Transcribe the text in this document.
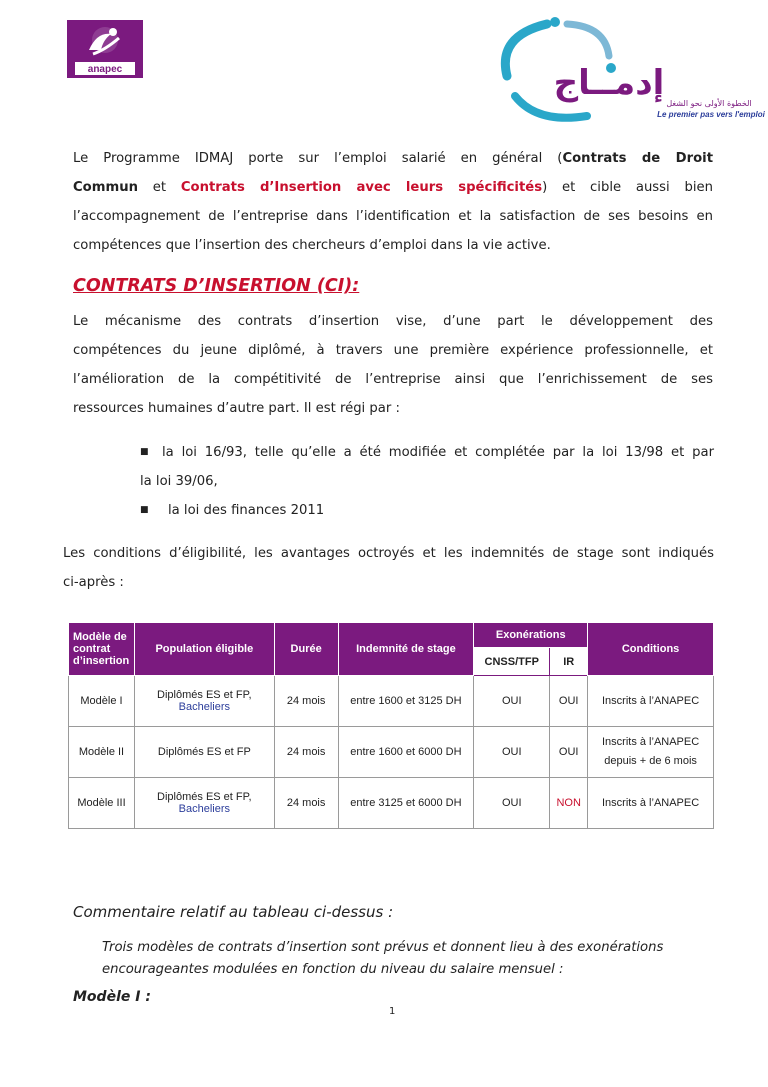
anapec	إدمــاج
الخطوة الأولى نحو الشغل
Le premier pas vers l'emploi
Le Programme IDMAJ porte sur l’emploi salarié en général (Contrats de Droit
Commun et Contrats d’Insertion avec leurs spécificités) et cible aussi bien
l’accompagnement de l’entreprise dans l’identification et la satisfaction de ses besoins en
compétences que l’insertion des chercheurs d’emploi dans la vie active.
CONTRATS D’INSERTION (CI):
Le mécanisme des contrats d’insertion vise, d’une part le développement des
compétences du jeune diplômé, à travers une première expérience professionnelle, et
l’amélioration de la compétitivité de l’entreprise ainsi que l’enrichissement de ses
ressources humaines d’autre part. Il est régi par :
■	la loi 16/93, telle qu’elle a été modifiée et complétée par la loi 13/98 et par
la loi 39/06,
■	la loi des finances 2011
Les conditions d’éligibilité, les avantages octroyés et les indemnités de stage sont indiqués
ci-après :
Modèle de contrat d’insertion	Population éligible	Durée	Indemnité de stage	Exonérations		Conditions
				CNSS/TFP	IR	
Modèle I	Diplômés ES et FP,
Bacheliers	24 mois	entre 1600 et 3125 DH	OUI	OUI	Inscrits à l’ANAPEC
Modèle II	Diplômés ES et FP	24 mois	entre 1600 et 6000 DH	OUI	OUI	Inscrits à l’ANAPEC
depuis + de 6 mois
Modèle III	Diplômés ES et FP,
Bacheliers	24 mois	entre 3125 et 6000 DH	OUI	NON	Inscrits à l’ANAPEC
Commentaire relatif au tableau ci-dessus :
Trois modèles de contrats d’insertion sont prévus et donnent lieu à des exonérations
encourageantes modulées en fonction du niveau du salaire mensuel :
Modèle I :
1
